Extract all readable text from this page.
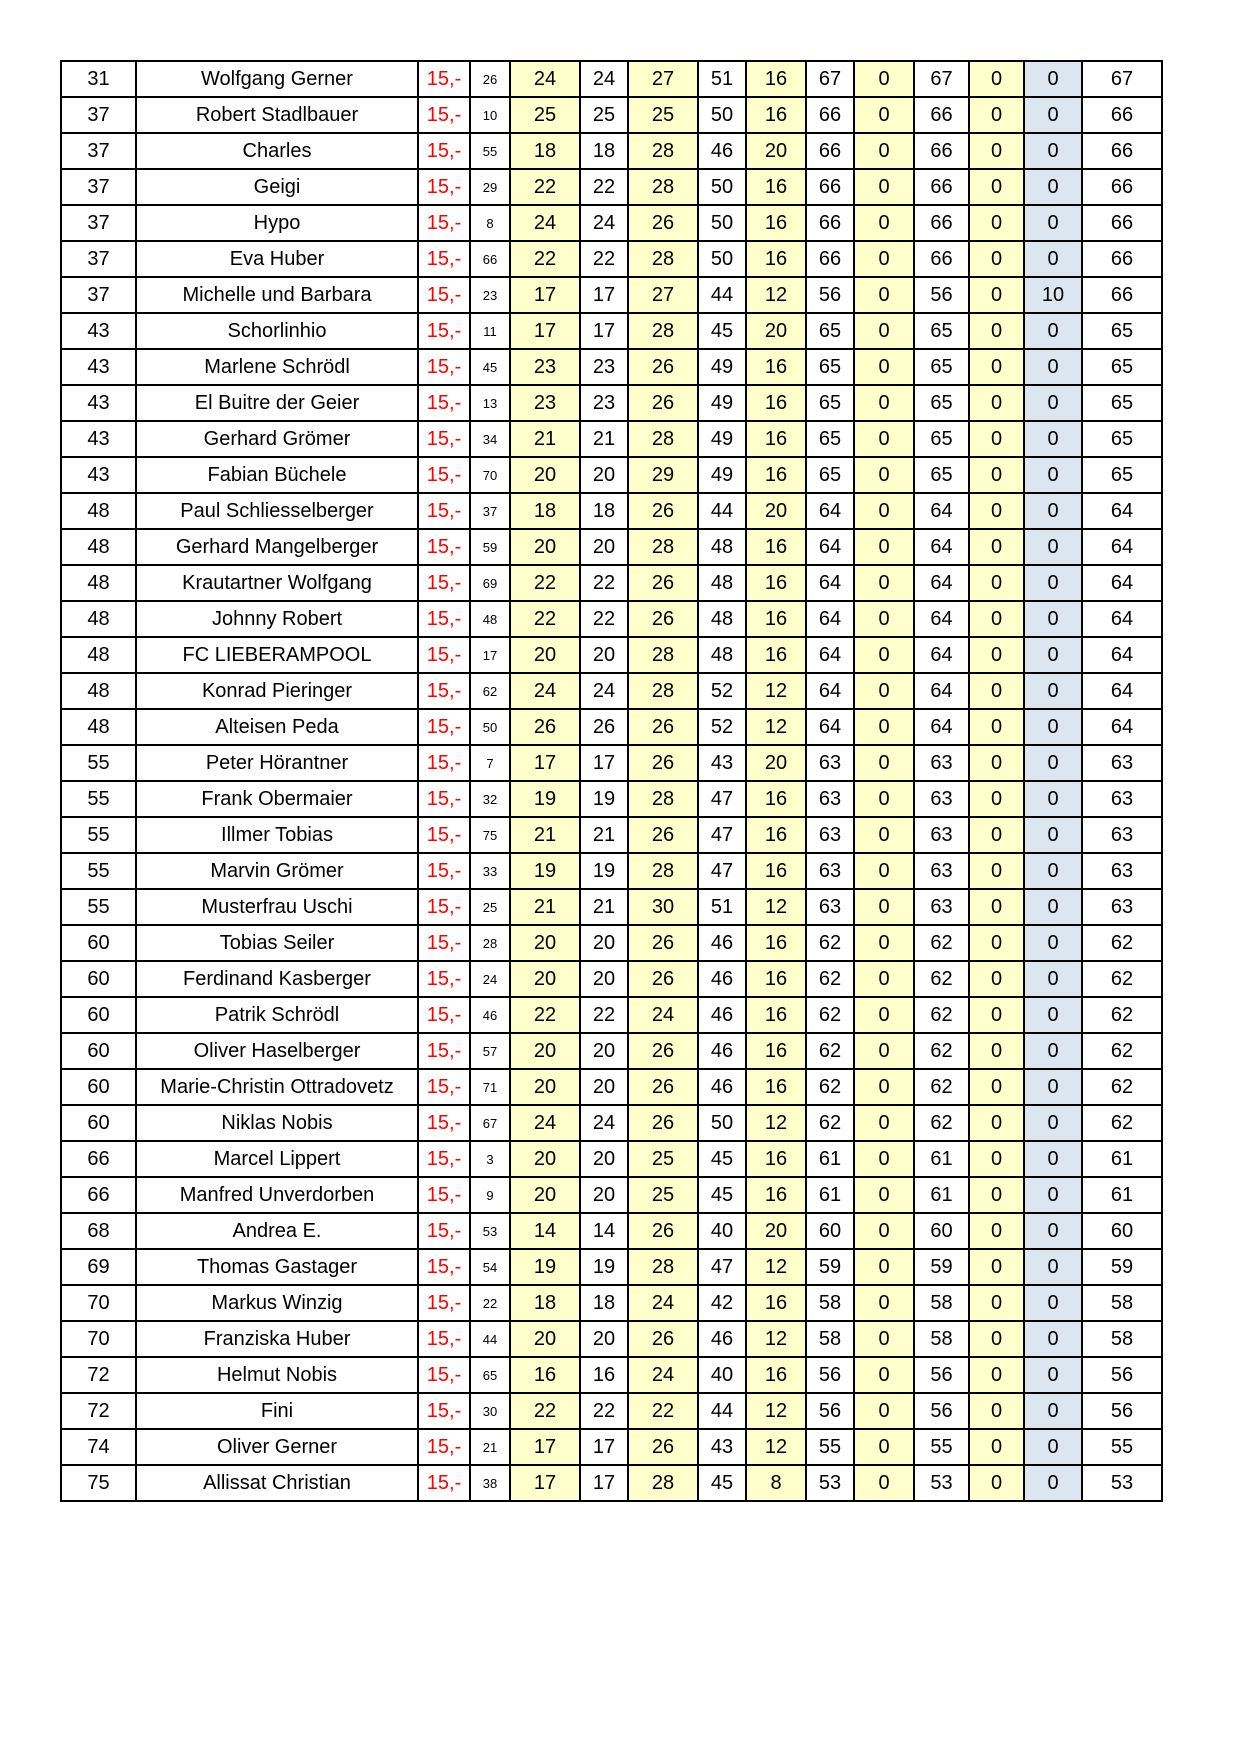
31	Wolfgang Gerner	15,-	26	24	24	27	51	16	67	0	67	0	0	67
37	Robert Stadlbauer	15,-	10	25	25	25	50	16	66	0	66	0	0	66
37	Charles	15,-	55	18	18	28	46	20	66	0	66	0	0	66
37	Geigi	15,-	29	22	22	28	50	16	66	0	66	0	0	66
37	Hypo	15,-	8	24	24	26	50	16	66	0	66	0	0	66
37	Eva Huber	15,-	66	22	22	28	50	16	66	0	66	0	0	66
37	Michelle und Barbara	15,-	23	17	17	27	44	12	56	0	56	0	10	66
43	Schorlinhio	15,-	11	17	17	28	45	20	65	0	65	0	0	65
43	Marlene Schrödl	15,-	45	23	23	26	49	16	65	0	65	0	0	65
43	El Buitre der Geier	15,-	13	23	23	26	49	16	65	0	65	0	0	65
43	Gerhard Grömer	15,-	34	21	21	28	49	16	65	0	65	0	0	65
43	Fabian Büchele	15,-	70	20	20	29	49	16	65	0	65	0	0	65
48	Paul Schliesselberger	15,-	37	18	18	26	44	20	64	0	64	0	0	64
48	Gerhard Mangelberger	15,-	59	20	20	28	48	16	64	0	64	0	0	64
48	Krautartner Wolfgang	15,-	69	22	22	26	48	16	64	0	64	0	0	64
48	Johnny Robert	15,-	48	22	22	26	48	16	64	0	64	0	0	64
48	FC LIEBERAMPOOL	15,-	17	20	20	28	48	16	64	0	64	0	0	64
48	Konrad Pieringer	15,-	62	24	24	28	52	12	64	0	64	0	0	64
48	Alteisen Peda	15,-	50	26	26	26	52	12	64	0	64	0	0	64
55	Peter Hörantner	15,-	7	17	17	26	43	20	63	0	63	0	0	63
55	Frank Obermaier	15,-	32	19	19	28	47	16	63	0	63	0	0	63
55	Illmer Tobias	15,-	75	21	21	26	47	16	63	0	63	0	0	63
55	Marvin Grömer	15,-	33	19	19	28	47	16	63	0	63	0	0	63
55	Musterfrau Uschi	15,-	25	21	21	30	51	12	63	0	63	0	0	63
60	Tobias Seiler	15,-	28	20	20	26	46	16	62	0	62	0	0	62
60	Ferdinand Kasberger	15,-	24	20	20	26	46	16	62	0	62	0	0	62
60	Patrik Schrödl	15,-	46	22	22	24	46	16	62	0	62	0	0	62
60	Oliver Haselberger	15,-	57	20	20	26	46	16	62	0	62	0	0	62
60	Marie-Christin Ottradovetz	15,-	71	20	20	26	46	16	62	0	62	0	0	62
60	Niklas Nobis	15,-	67	24	24	26	50	12	62	0	62	0	0	62
66	Marcel Lippert	15,-	3	20	20	25	45	16	61	0	61	0	0	61
66	Manfred Unverdorben	15,-	9	20	20	25	45	16	61	0	61	0	0	61
68	Andrea E.	15,-	53	14	14	26	40	20	60	0	60	0	0	60
69	Thomas Gastager	15,-	54	19	19	28	47	12	59	0	59	0	0	59
70	Markus Winzig	15,-	22	18	18	24	42	16	58	0	58	0	0	58
70	Franziska Huber	15,-	44	20	20	26	46	12	58	0	58	0	0	58
72	Helmut Nobis	15,-	65	16	16	24	40	16	56	0	56	0	0	56
72	Fini	15,-	30	22	22	22	44	12	56	0	56	0	0	56
74	Oliver Gerner	15,-	21	17	17	26	43	12	55	0	55	0	0	55
75	Allissat Christian	15,-	38	17	17	28	45	8	53	0	53	0	0	53
